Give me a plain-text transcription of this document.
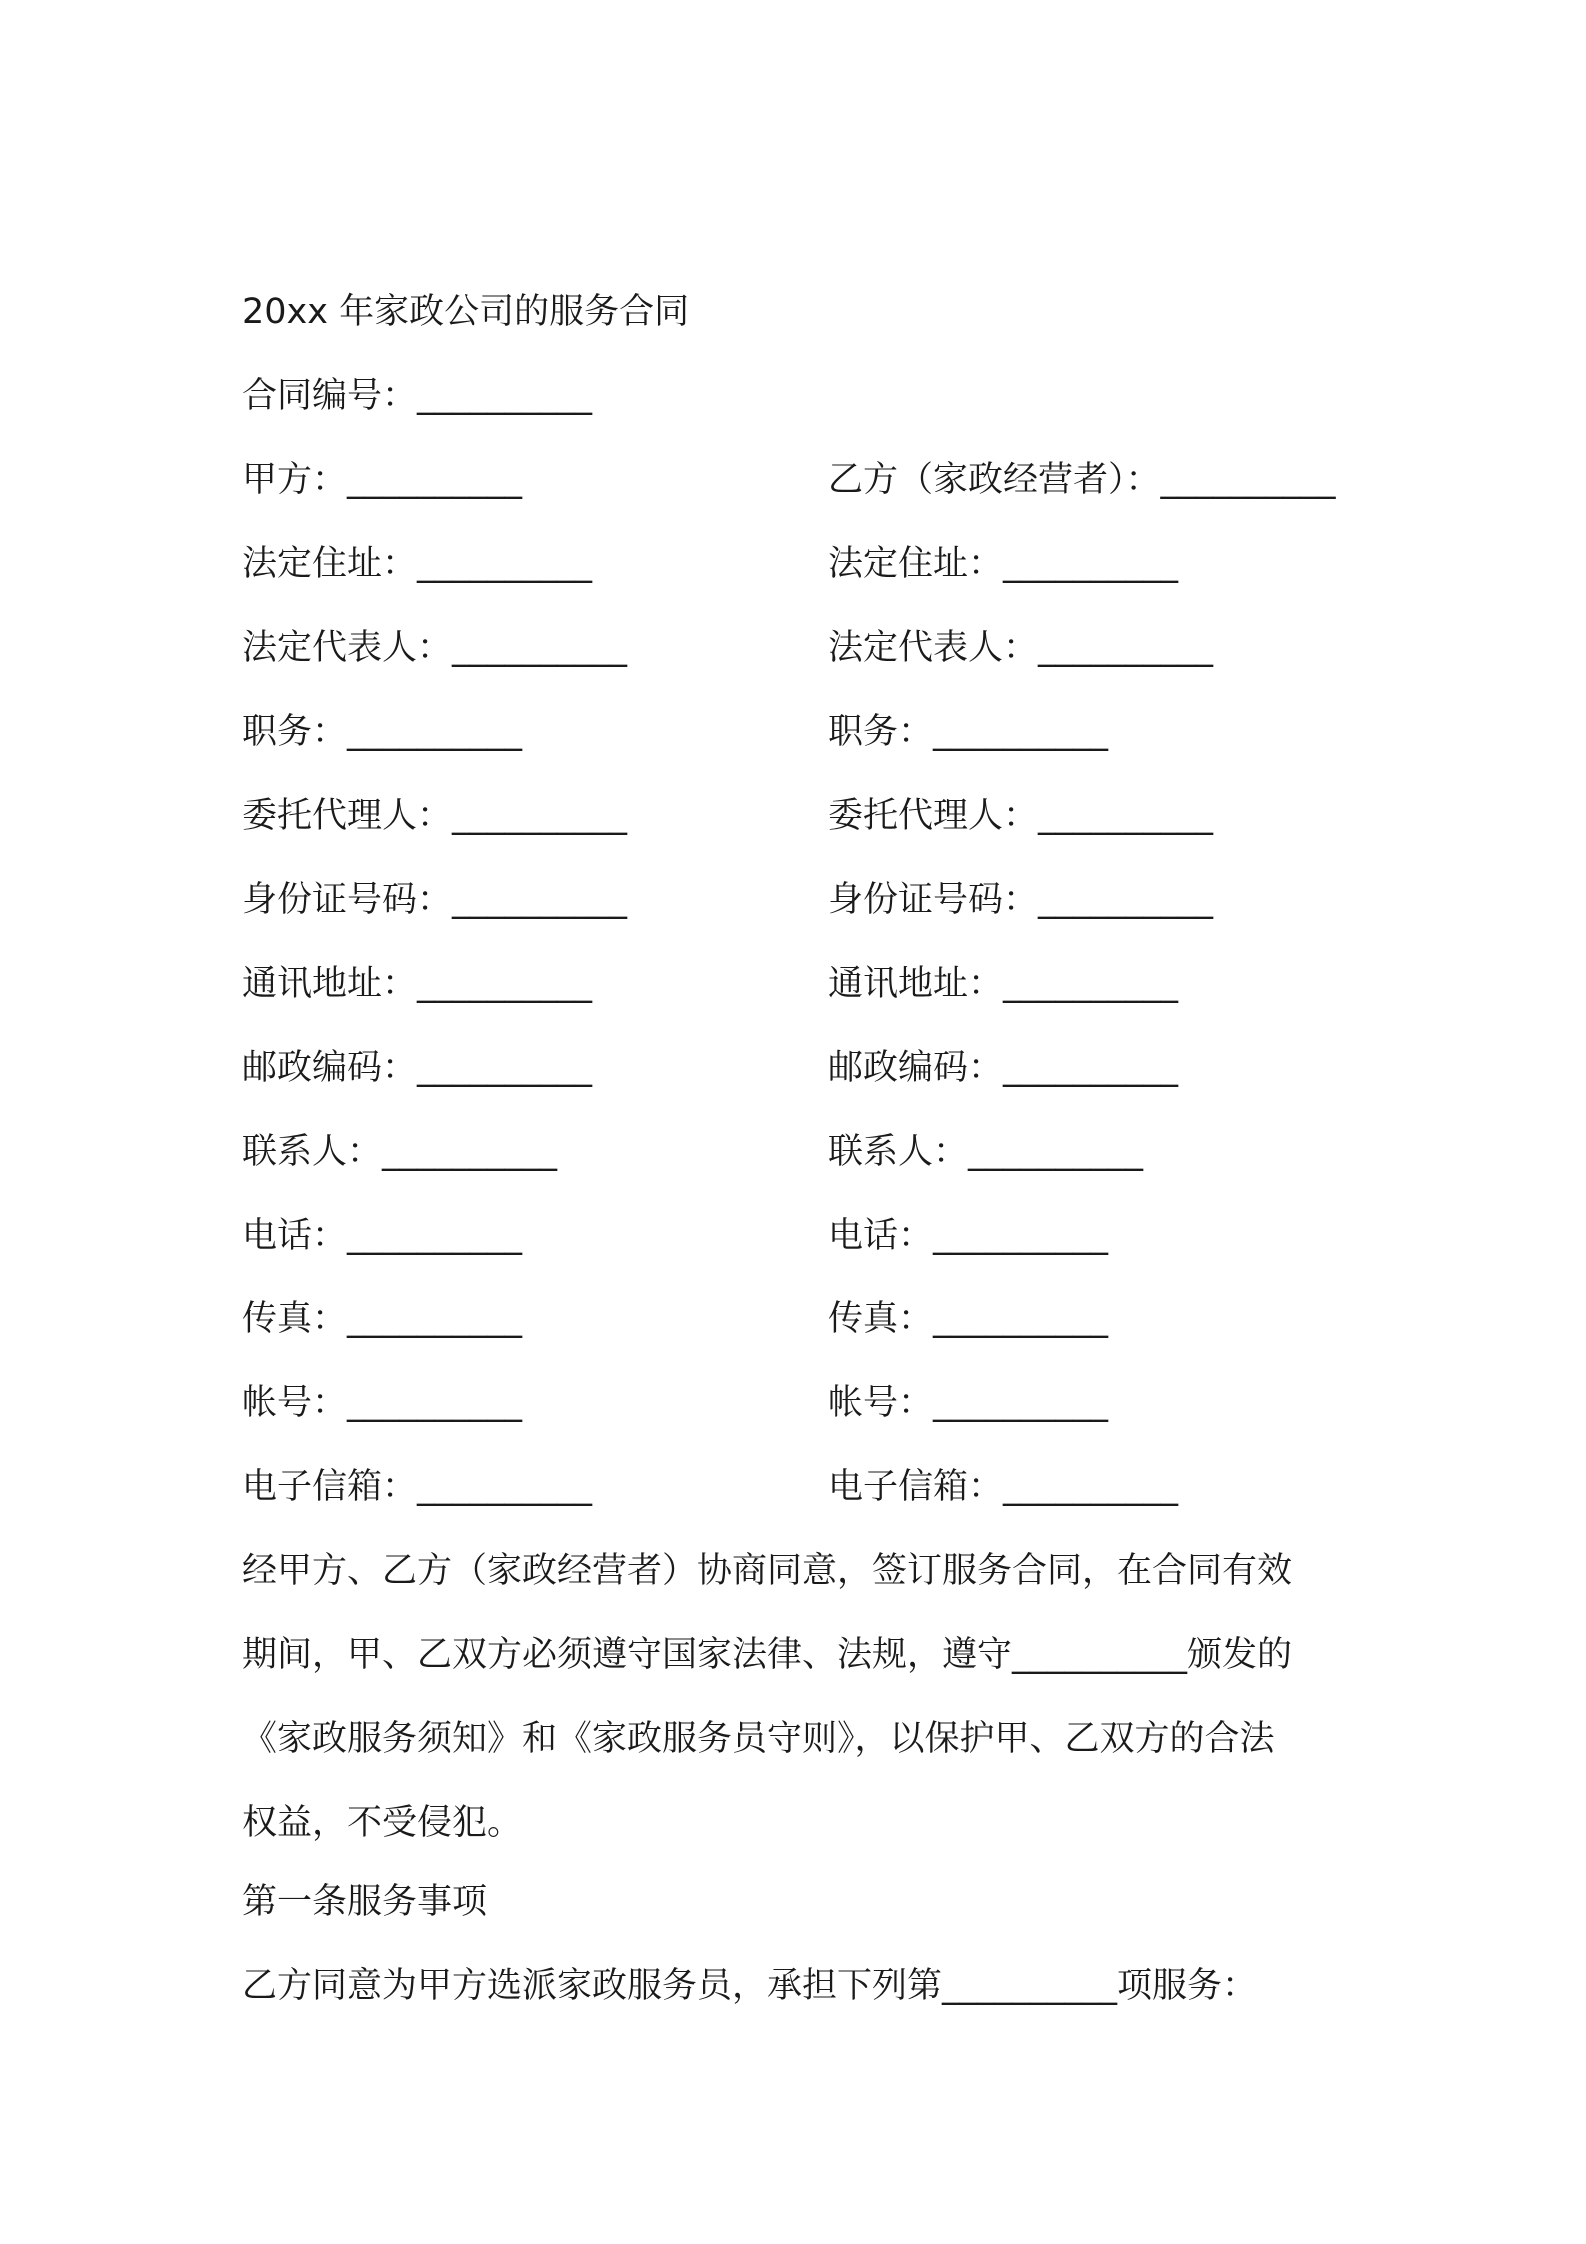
20xx 年家政公司的服务合同
合同编号：__________
甲方：__________	乙方（家政经营者）：__________
法定住址：__________	法定住址：__________
法定代表人：__________	法定代表人：__________
职务：__________	职务：__________
委托代理人：__________	委托代理人：__________
身份证号码：__________	身份证号码：__________
通讯地址：__________	通讯地址：__________
邮政编码：__________	邮政编码：__________
联系人：__________	联系人：__________
电话：__________	电话：__________
传真：__________	传真：__________
帐号：__________	帐号：__________
电子信箱：__________	电子信箱：__________
经甲方、乙方（家政经营者）协商同意，签订服务合同，在合同有效
期间，甲、乙双方必须遵守国家法律、法规，遵守__________颁发的
《家政服务须知》和《家政服务员守则》，以保护甲、乙双方的合法
权益，不受侵犯。
第一条服务事项
乙方同意为甲方选派家政服务员，承担下列第__________项服务：
